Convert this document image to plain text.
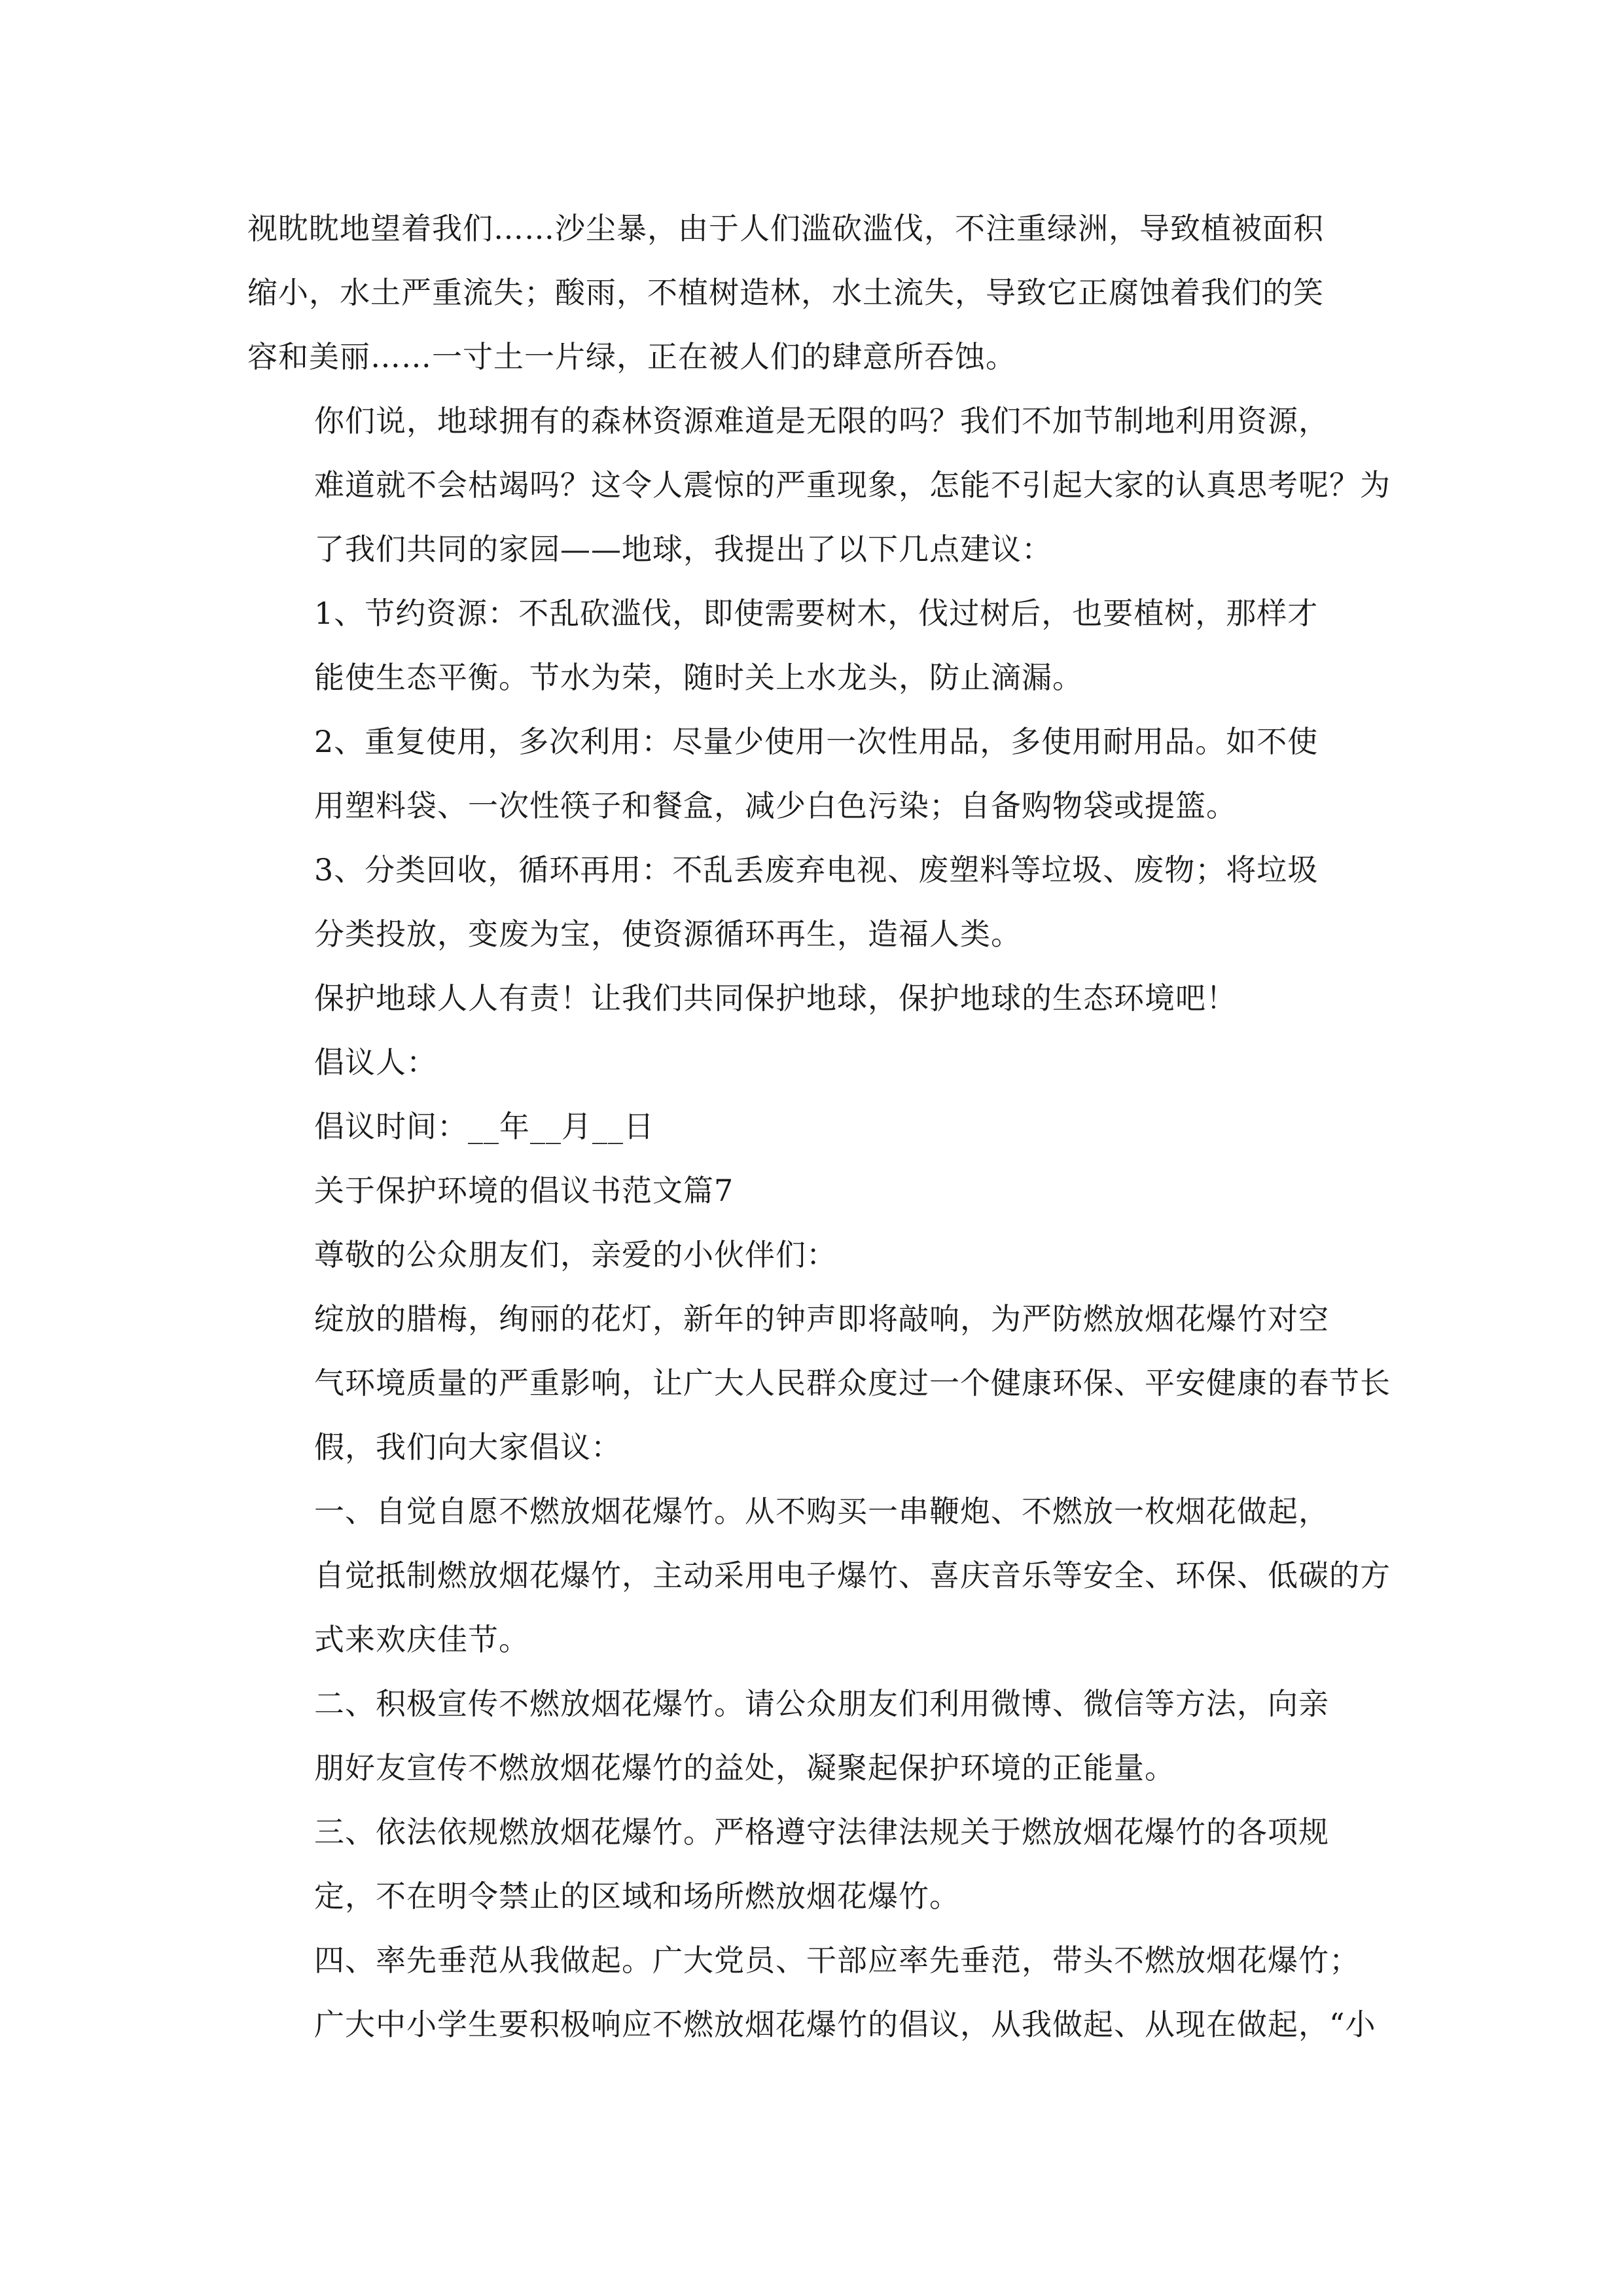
视眈眈地望着我们……沙尘暴，由于人们滥砍滥伐，不注重绿洲，导致植被面积
缩小，水土严重流失；酸雨，不植树造林，水土流失，导致它正腐蚀着我们的笑
容和美丽……一寸土一片绿，正在被人们的肆意所吞蚀。

你们说，地球拥有的森林资源难道是无限的吗？我们不加节制地利用资源，
难道就不会枯竭吗？这令人震惊的严重现象，怎能不引起大家的认真思考呢？为
了我们共同的家园——地球，我提出了以下几点建议：

1、节约资源：不乱砍滥伐，即使需要树木，伐过树后，也要植树，那样才
能使生态平衡。节水为荣，随时关上水龙头，防止滴漏。

2、重复使用，多次利用：尽量少使用一次性用品，多使用耐用品。如不使
用塑料袋、一次性筷子和餐盒，减少白色污染；自备购物袋或提篮。

3、分类回收，循环再用：不乱丢废弃电视、废塑料等垃圾、废物；将垃圾
分类投放，变废为宝，使资源循环再生，造福人类。

保护地球人人有责！让我们共同保护地球，保护地球的生态环境吧！

倡议人：

倡议时间：__年__月__日

关于保护环境的倡议书范文篇7

尊敬的公众朋友们，亲爱的小伙伴们：

绽放的腊梅，绚丽的花灯，新年的钟声即将敲响，为严防燃放烟花爆竹对空
气环境质量的严重影响，让广大人民群众度过一个健康环保、平安健康的春节长
假，我们向大家倡议：

一、自觉自愿不燃放烟花爆竹。从不购买一串鞭炮、不燃放一枚烟花做起，
自觉抵制燃放烟花爆竹，主动采用电子爆竹、喜庆音乐等安全、环保、低碳的方
式来欢庆佳节。

二、积极宣传不燃放烟花爆竹。请公众朋友们利用微博、微信等方法，向亲
朋好友宣传不燃放烟花爆竹的益处，凝聚起保护环境的正能量。

三、依法依规燃放烟花爆竹。严格遵守法律法规关于燃放烟花爆竹的各项规
定，不在明令禁止的区域和场所燃放烟花爆竹。

四、率先垂范从我做起。广大党员、干部应率先垂范，带头不燃放烟花爆竹；
广大中小学生要积极响应不燃放烟花爆竹的倡议，从我做起、从现在做起，“小
